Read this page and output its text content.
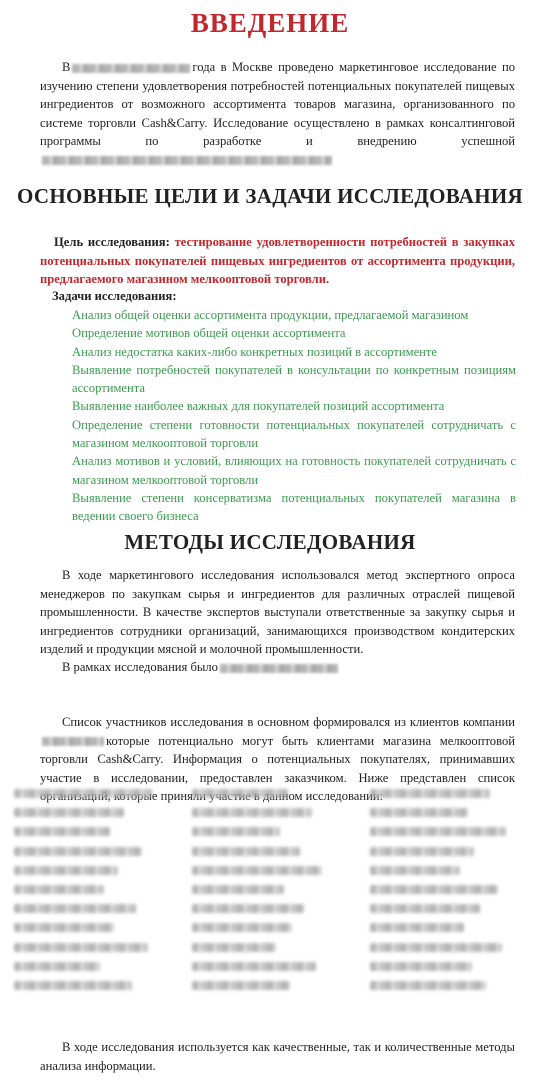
ВВЕДЕНИЕ
В	года в Москве проведено маркетинговое исследование по изучению степени удовлетворения потребностей потенциальных покупателей пищевых ингредиентов от возможного ассортимента товаров магазина, организованного по системе торговли Cash&Carry. Исследование осуществлено в рамках консалтинговой программы по разработке и внедрению успешной
ОСНОВНЫЕ ЦЕЛИ И ЗАДАЧИ ИССЛЕДОВАНИЯ
Цель исследования: тестирование удовлетворенности потребностей в закупках потенциальных покупателей пищевых ингредиентов от ассортимента продукции, предлагаемого магазином мелкооптовой торговли.
Задачи исследования:
Анализ общей оценки ассортимента продукции, предлагаемой магазином
Определение мотивов общей оценки ассортимента
Анализ недостатка каких-либо конкретных позиций в ассортименте
Выявление потребностей покупателей в консультации по конкретным позициям ассортимента
Выявление наиболее важных для покупателей позиций ассортимента
Определение степени готовности потенциальных покупателей сотрудничать с магазином мелкооптовой торговли
Анализ мотивов и условий, влияющих на готовность покупателей сотрудничать с магазином мелкооптовой торговли
Выявление степени консерватизма потенциальных покупателей магазина в ведении своего бизнеса
МЕТОДЫ ИССЛЕДОВАНИЯ
В ходе маркетингового исследования использовался метод экспертного опроса менеджеров по закупкам сырья и ингредиентов для различных отраслей пищевой промышленности. В качестве экспертов выступали ответственные за закупку сырья и ингредиентов сотрудники организаций, занимающихся производством кондитерских изделий и продукции мясной и молочной промышленности.
В рамках исследования было
Список участников исследования в основном формировался из клиентов компаниикоторые потенциально могут быть клиентами магазина мелкооптовой торговли Cash&Carry. Информация о потенциальных покупателях, принимавших участие в исследовании, предоставлен заказчиком. Ниже представлен список приняли исследовании:
В ходе исследования используется как качественные, так и количественные методы анализа информации.
